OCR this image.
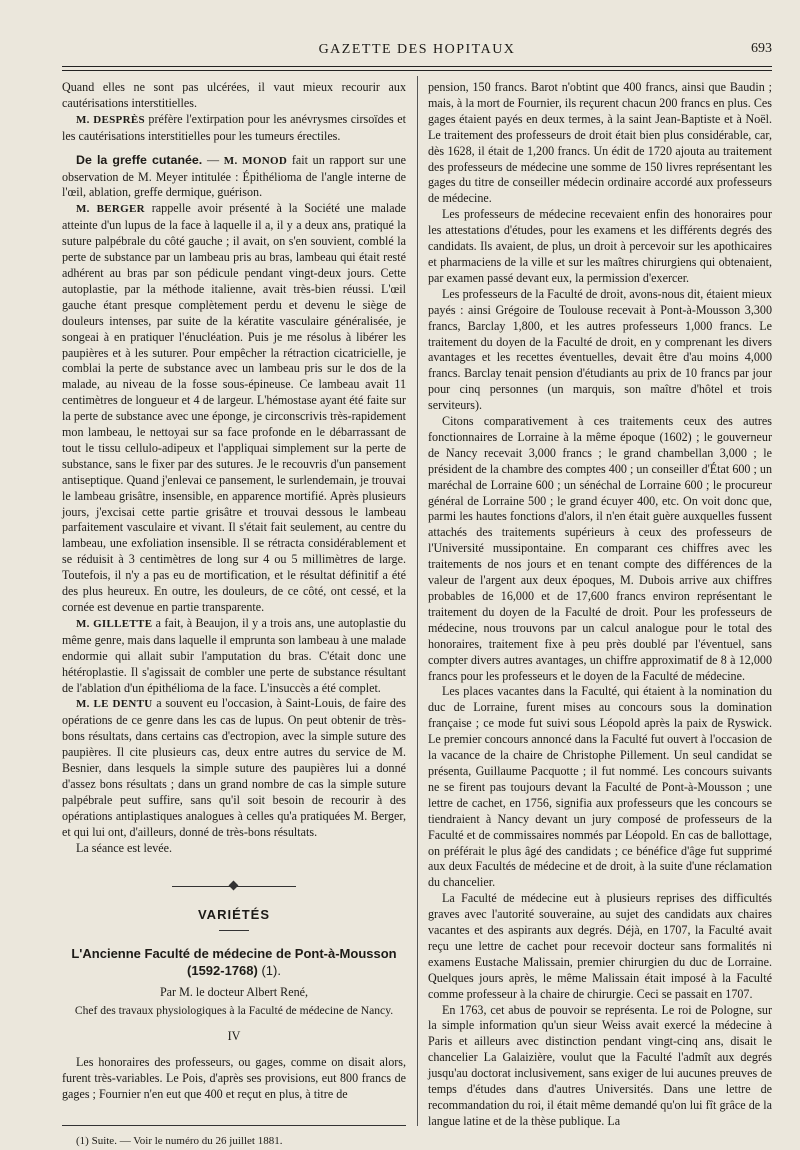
GAZETTE DES HOPITAUX	693

Quand elles ne sont pas ulcérées, il vaut mieux recourir aux cautérisations interstitielles.

M. DESPRÈS préfère l'extirpation pour les anévrysmes cirsoïdes et les cautérisations interstitielles pour les tumeurs érectiles.

De la greffe cutanée. — M. MONOD fait un rapport sur une observation de M. Meyer intitulée : Épithélioma de l'angle interne de l'œil, ablation, greffe dermique, guérison.

M. BERGER rappelle avoir présenté à la Société une malade atteinte d'un lupus de la face à laquelle il a, il y a deux ans, pratiqué la suture palpébrale du côté gauche ; il avait, on s'en souvient, comblé la perte de substance par un lambeau pris au bras, lambeau qui était resté adhérent au bras par son pédicule pendant vingt-deux jours. Cette autoplastie, par la méthode italienne, avait très-bien réussi. L'œil gauche étant presque complètement perdu et devenu le siège de douleurs intenses, par suite de la kératite vasculaire généralisée, je songeai à en pratiquer l'énucléation. Puis je me résolus à libérer les paupières et à les suturer. Pour empêcher la rétraction cicatricielle, je comblai la perte de substance avec un lambeau pris sur le dos de la malade, au niveau de la fosse sous-épineuse. Ce lambeau avait 11 centimètres de longueur et 4 de largeur. L'hémostase ayant été faite sur la perte de substance avec une éponge, je circonscrivis très-rapidement mon lambeau, le nettoyai sur sa face profonde en le débarrassant de tout le tissu cellulo-adipeux et l'appliquai simplement sur la perte de substance, sans le fixer par des sutures. Je le recouvris d'un pansement antiseptique. Quand j'enlevai ce pansement, le surlendemain, je trouvai le lambeau grisâtre, insensible, en apparence mortifié. Après plusieurs jours, j'excisai cette partie grisâtre et trouvai dessous le lambeau parfaitement vasculaire et vivant. Il s'était fait seulement, au centre du lambeau, une exfoliation insensible. Il se rétracta considérablement et se réduisit à 3 centimètres de long sur 4 ou 5 millimètres de large. Toutefois, il n'y a pas eu de mortification, et le résultat définitif a été des plus heureux. En outre, les douleurs, de ce côté, ont cessé, et la cornée est devenue en partie transparente.

M. GILLETTE a fait, à Beaujon, il y a trois ans, une autoplastie du même genre, mais dans laquelle il emprunta son lambeau à une malade endormie qui allait subir l'amputation du bras. C'était donc une hétéroplastie. Il s'agissait de combler une perte de substance résultant de l'ablation d'un épithélioma de la face. L'insuccès a été complet.

M. LE DENTU a souvent eu l'occasion, à Saint-Louis, de faire des opérations de ce genre dans les cas de lupus. On peut obtenir de très-bons résultats, dans certains cas d'ectropion, avec la simple suture des paupières. Il cite plusieurs cas, deux entre autres du service de M. Besnier, dans lesquels la simple suture des paupières lui a donné d'assez bons résultats ; dans un grand nombre de cas la simple suture palpébrale peut suffire, sans qu'il soit besoin de recourir à des opérations antiplastiques analogues à celles qu'a pratiquées M. Berger, et qui lui ont, d'ailleurs, donné de très-bons résultats.

La séance est levée.

VARIÉTÉS
L'Ancienne Faculté de médecine de Pont-à-Mousson
(1592-1768) (1).
Par M. le docteur Albert René,
Chef des travaux physiologiques à la Faculté de médecine de Nancy.
IV

Les honoraires des professeurs, ou gages, comme on disait alors, furent très-variables. Le Pois, d'après ses provisions, eut 800 francs de gages ; Fournier n'en eut que 400 et reçut en plus, à titre de

(1) Suite. — Voir le numéro du 26 juillet 1881.

pension, 150 francs. Barot n'obtint que 400 francs, ainsi que Baudin ; mais, à la mort de Fournier, ils reçurent chacun 200 francs en plus. Ces gages étaient payés en deux termes, à la saint Jean-Baptiste et à Noël. Le traitement des professeurs de droit était bien plus considérable, car, dès 1628, il était de 1,200 francs. Un édit de 1720 ajouta au traitement des professeurs de médecine une somme de 150 livres représentant les gages du titre de conseiller médecin ordinaire accordé aux professeurs de médecine.

Les professeurs de médecine recevaient enfin des honoraires pour les attestations d'études, pour les examens et les différents degrés des candidats. Ils avaient, de plus, un droit à percevoir sur les apothicaires et pharmaciens de la ville et sur les maîtres chirurgiens qui obtenaient, par examen passé devant eux, la permission d'exercer.

Les professeurs de la Faculté de droit, avons-nous dit, étaient mieux payés : ainsi Grégoire de Toulouse recevait à Pont-à-Mousson 3,300 francs, Barclay 1,800, et les autres professeurs 1,000 francs. Le traitement du doyen de la Faculté de droit, en y comprenant les divers avantages et les recettes éventuelles, devait être d'au moins 4,000 francs. Barclay tenait pension d'étudiants au prix de 10 francs par jour pour cinq personnes (un marquis, son maître d'hôtel et trois serviteurs).

Citons comparativement à ces traitements ceux des autres fonctionnaires de Lorraine à la même époque (1602) ; le gouverneur de Nancy recevait 3,000 francs ; le grand chambellan 3,000 ; le président de la chambre des comptes 400 ; un conseiller d'État 600 ; un maréchal de Lorraine 600 ; un sénéchal de Lorraine 600 ; le procureur général de Lorraine 500 ; le grand écuyer 400, etc. On voit donc que, parmi les hautes fonctions d'alors, il n'en était guère auxquelles fussent attachés des traitements supérieurs à ceux des professeurs de l'Université mussipontaine. En comparant ces chiffres avec les traitements de nos jours et en tenant compte des différences de la valeur de l'argent aux deux époques, M. Dubois arrive aux chiffres probables de 16,000 et de 17,600 francs environ représentant le traitement du doyen de la Faculté de droit. Pour les professeurs de médecine, nous trouvons par un calcul analogue pour le total des honoraires, traitement fixe à peu près doublé par l'éventuel, sans compter divers autres avantages, un chiffre approximatif de 8 à 12,000 francs pour les professeurs et le doyen de la Faculté de médecine.

Les places vacantes dans la Faculté, qui étaient à la nomination du duc de Lorraine, furent mises au concours sous la domination française ; ce mode fut suivi sous Léopold après la paix de Ryswick. Le premier concours annoncé dans la Faculté fut ouvert à l'occasion de la vacance de la chaire de Christophe Pillement. Un seul candidat se présenta, Guillaume Pacquotte ; il fut nommé. Les concours suivants ne se firent pas toujours devant la Faculté de Pont-à-Mousson ; une lettre de cachet, en 1756, signifia aux professeurs que les concours se tiendraient à Nancy devant un jury composé de professeurs de la Faculté et de commissaires nommés par Léopold. En cas de ballottage, on préférait le plus âgé des candidats ; ce bénéfice d'âge fut supprimé aux deux Facultés de médecine et de droit, à la suite d'une réclamation du chancelier.

La Faculté de médecine eut à plusieurs reprises des difficultés graves avec l'autorité souveraine, au sujet des candidats aux chaires vacantes et des aspirants aux degrés. Déjà, en 1707, la Faculté avait reçu une lettre de cachet pour recevoir docteur sans formalités ni examens Eustache Malissain, premier chirurgien du duc de Lorraine. Quelques jours après, le même Malissain était imposé à la Faculté comme professeur à la chaire de chirurgie. Ceci se passait en 1707.

En 1763, cet abus de pouvoir se représenta. Le roi de Pologne, sur la simple information qu'un sieur Weiss avait exercé la médecine à Paris et ailleurs avec distinction pendant vingt-cinq ans, disait le chancelier La Galaizière, voulut que la Faculté l'admît aux degrés jusqu'au doctorat inclusivement, sans exiger de lui aucunes preuves de temps d'études dans d'autres Universités. Dans une lettre de recommandation du roi, il était même demandé qu'on lui fît grâce de la langue latine et de la thèse publique. La
